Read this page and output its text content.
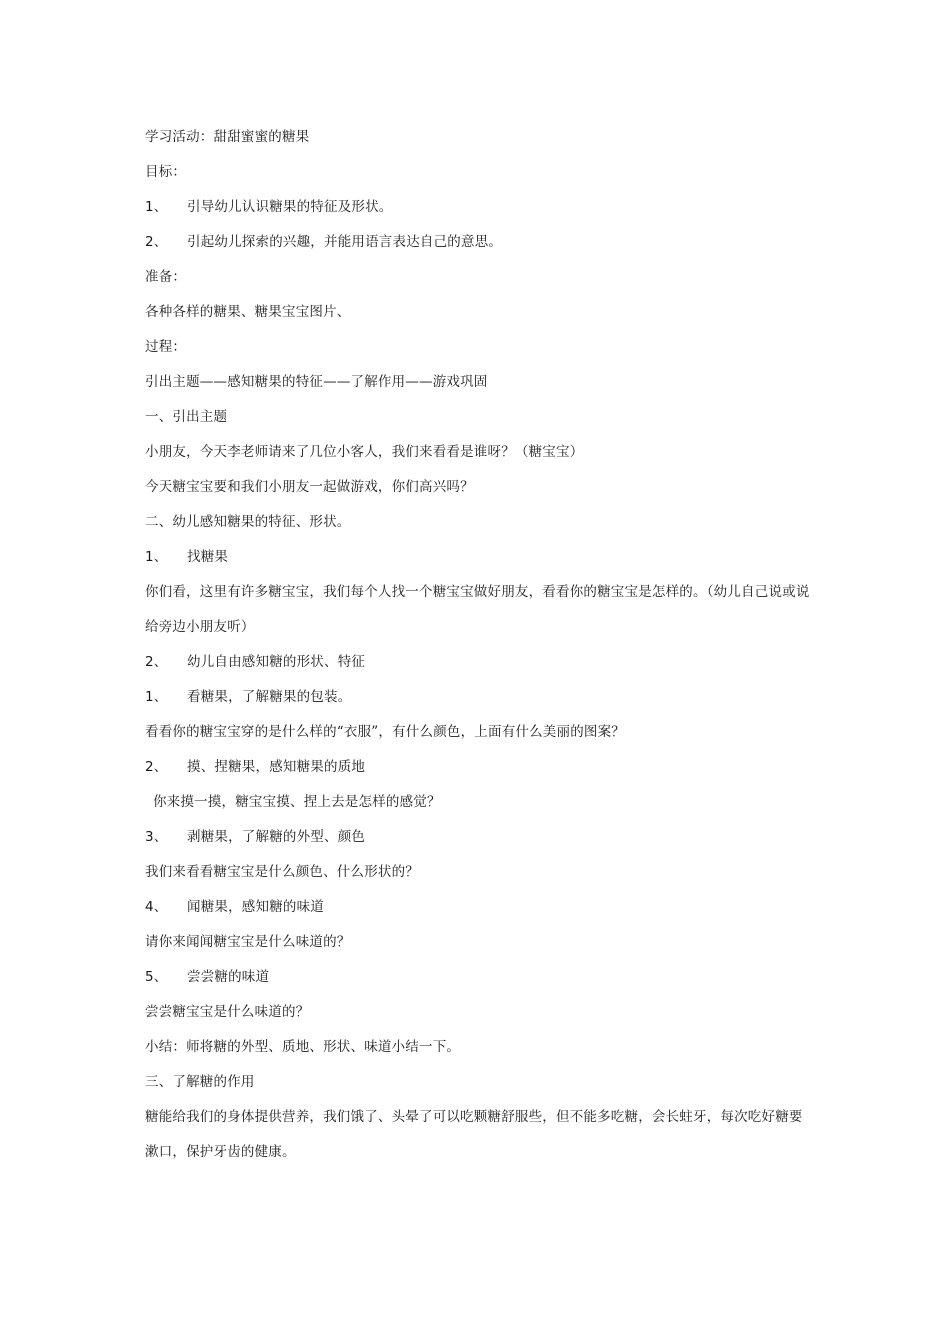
学习活动：甜甜蜜蜜的糖果
目标：
1、 引导幼儿认识糖果的特征及形状。
2、 引起幼儿探索的兴趣，并能用语言表达自己的意思。
准备：
各种各样的糖果、糖果宝宝图片、
过程：
引出主题——感知糖果的特征——了解作用——游戏巩固
一、引出主题
小朋友，今天李老师请来了几位小客人，我们来看看是谁呀？（糖宝宝）
今天糖宝宝要和我们小朋友一起做游戏，你们高兴吗？
二、幼儿感知糖果的特征、形状。
1、 找糖果
你们看，这里有许多糖宝宝，我们每个人找一个糖宝宝做好朋友，看看你的糖宝宝是怎样的。（幼儿自己说或说给旁边小朋友听）
2、 幼儿自由感知糖的形状、特征
1、 看糖果，了解糖果的包装。
看看你的糖宝宝穿的是什么样的“衣服”，有什么颜色，上面有什么美丽的图案？
2、 摸、捏糖果，感知糖果的质地
你来摸一摸，糖宝宝摸、捏上去是怎样的感觉？
3、 剥糖果，了解糖的外型、颜色
我们来看看糖宝宝是什么颜色、什么形状的？
4、 闻糖果，感知糖的味道
请你来闻闻糖宝宝是什么味道的？
5、 尝尝糖的味道
尝尝糖宝宝是什么味道的？
小结：师将糖的外型、质地、形状、味道小结一下。
三、了解糖的作用
糖能给我们的身体提供营养，我们饿了、头晕了可以吃颗糖舒服些，但不能多吃糖，会长蛀牙，每次吃好糖要漱口，保护牙齿的健康。
